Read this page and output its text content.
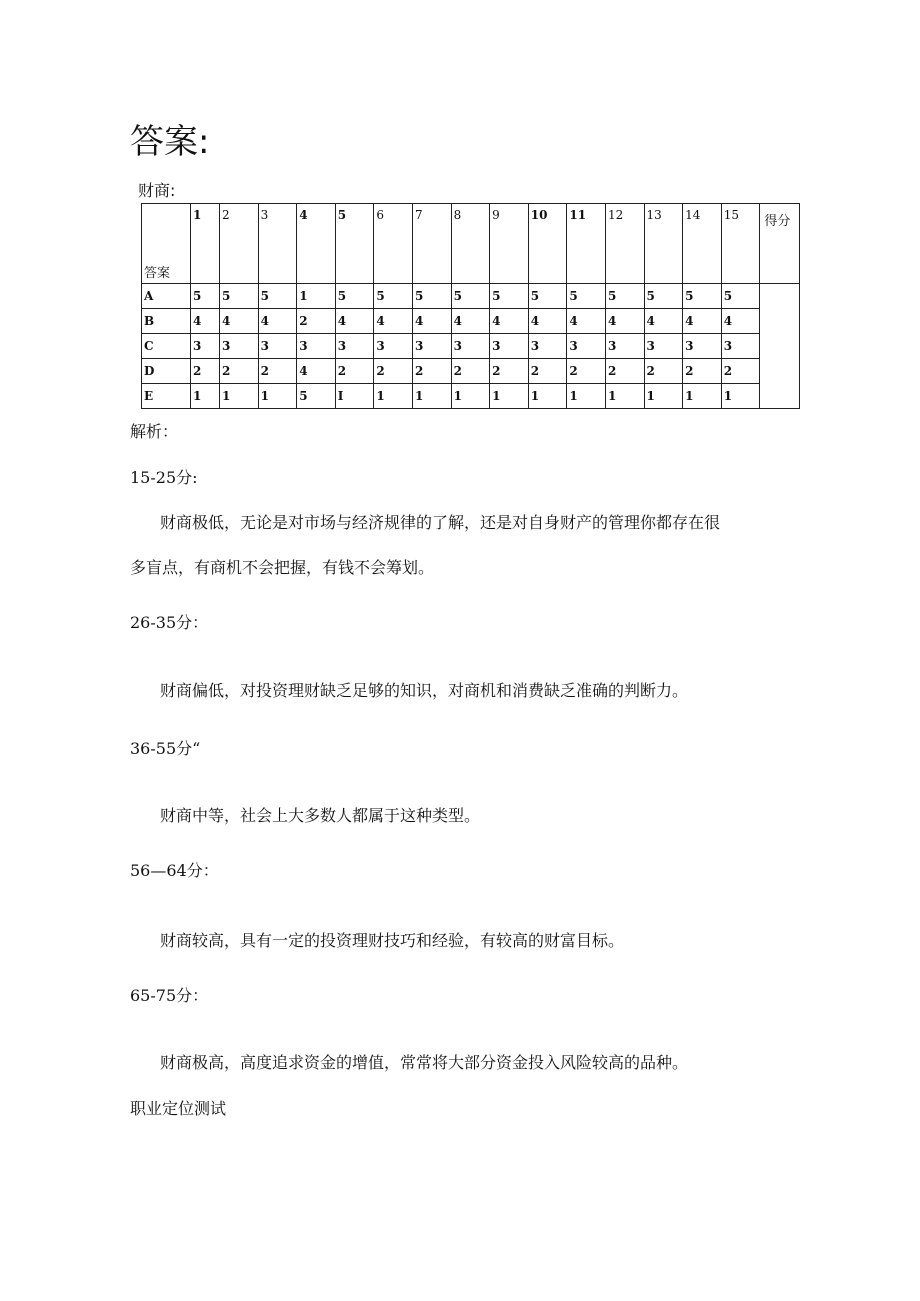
答案:
财商:
答案	1	2	3	4	5	6	7	8	9	10	11	12	13	14	15	得分
A	5	5	5	1	5	5	5	5	5	5	5	5	5	5	5	
B	4	4	4	2	4	4	4	4	4	4	4	4	4	4	4	
C	3	3	3	3	3	3	3	3	3	3	3	3	3	3	3	
D	2	2	2	4	2	2	2	2	2	2	2	2	2	2	2	
E	1	1	1	5	I	1	1	1	1	1	1	1	1	1	1	
解析：
15-25分:
财商极低，无论是对市场与经济规律的了解，还是对自身财产的管理你都存在很
多盲点，有商机不会把握，有钱不会筹划。
26-35分：
财商偏低，对投资理财缺乏足够的知识，对商机和消费缺乏准确的判断力。
36-55分“
财商中等，社会上大多数人都属于这种类型。
56—64分：
财商较高，具有一定的投资理财技巧和经验，有较高的财富目标。
65-75分：
财商极高，高度追求资金的增值，常常将大部分资金投入风险较高的品种。
职业定位测试
